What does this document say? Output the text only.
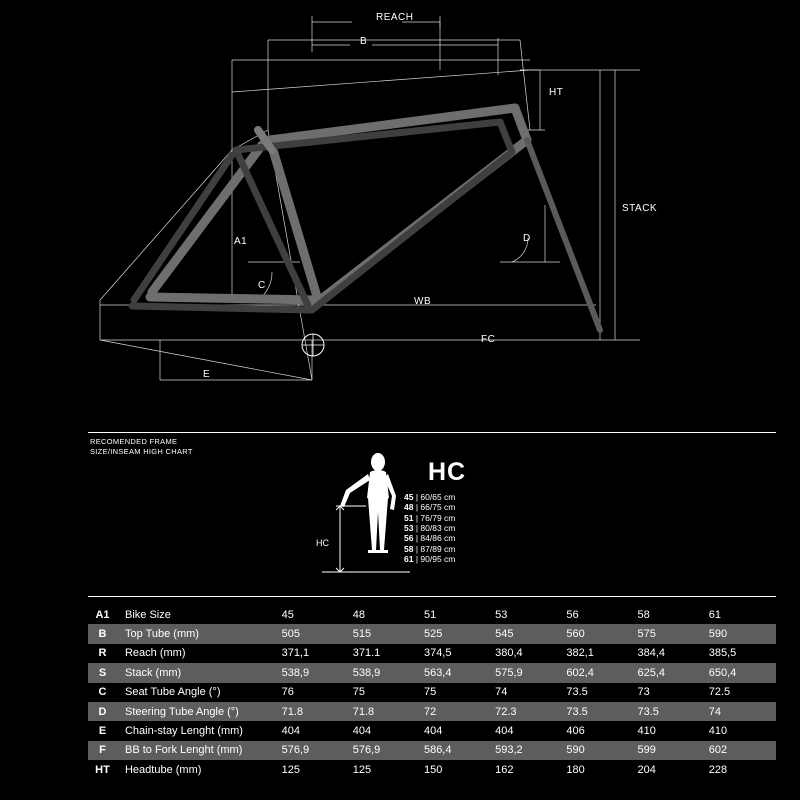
REACH
B
HT
STACK
A1	D
C
WB
FC
E
RECOMENDED FRAME
SIZE/INSEAM HIGH CHART
HC
HC
45 | 60/65 cm
48 | 66/75 cm
51 | 76/79 cm
53 | 80/83 cm
56 | 84/86 cm
58 | 87/89 cm
61 | 90/95 cm
A1	Bike Size	45	48	51	53	56	58	61
B	Top Tube (mm)	505	515	525	545	560	575	590
R	Reach (mm)	371,1	371.1	374,5	380,4	382,1	384,4	385,5
S	Stack (mm)	538,9	538,9	563,4	575,9	602,4	625,4	650,4
C	Seat Tube Angle (°)	76	75	75	74	73.5	73	72.5
D	Steering Tube Angle (°)	71.8	71.8	72	72.3	73.5	73.5	74
E	Chain-stay Lenght (mm)	404	404	404	404	406	410	410
F	BB to Fork Lenght (mm)	576,9	576,9	586,4	593,2	590	599	602
HT	Headtube (mm)	125	125	150	162	180	204	228
